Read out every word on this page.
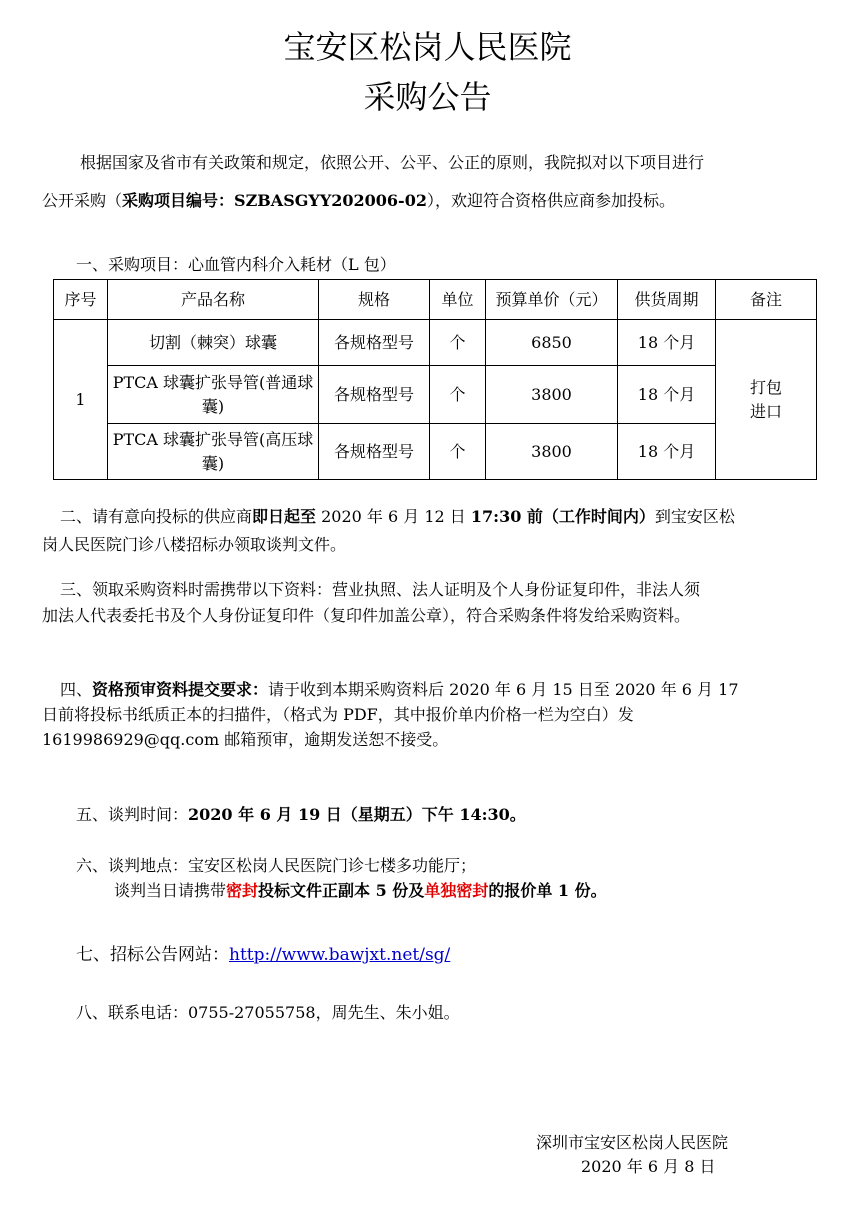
宝安区松岗人民医院
采购公告
根据国家及省市有关政策和规定，依照公开、公平、公正的原则，我院拟对以下项目进行
公开采购（采购项目编号：SZBASGYY202006-02），欢迎符合资格供应商参加投标。
一、采购项目：心血管内科介入耗材（L 包）
序号	产品名称	规格	单位	预算单价（元）	供货周期	备注
1	切割（棘突）球囊	各规格型号	个	6850	18 个月	打包
进口

	PTCA 球囊扩张导管(普通球囊)	各规格型号	个	3800	18 个月	
	PTCA 球囊扩张导管(高压球囊)	各规格型号	个	3800	18 个月	
二、请有意向投标的供应商即日起至 2020 年 6 月 12 日 17:30 前（工作时间内）到宝安区松
岗人民医院门诊八楼招标办领取谈判文件。
三、领取采购资料时需携带以下资料：营业执照、法人证明及个人身份证复印件，非法人须
加法人代表委托书及个人身份证复印件（复印件加盖公章），符合采购条件将发给采购资料。
四、资格预审资料提交要求：请于收到本期采购资料后 2020 年 6 月 15 日至 2020 年 6 月 17
日前将投标书纸质正本的扫描件，（格式为 PDF，其中报价单内价格一栏为空白）发
1619986929@qq.com 邮箱预审，逾期发送恕不接受。
五、谈判时间：2020 年 6 月 19 日（星期五）下午 14:30。
六、谈判地点：宝安区松岗人民医院门诊七楼多功能厅；
谈判当日请携带密封投标文件正副本 5 份及单独密封的报价单 1 份。
七、招标公告网站：http://www.bawjxt.net/sg/
八、联系电话：0755-27055758，周先生、朱小姐。
深圳市宝安区松岗人民医院
2020 年 6 月 8 日
